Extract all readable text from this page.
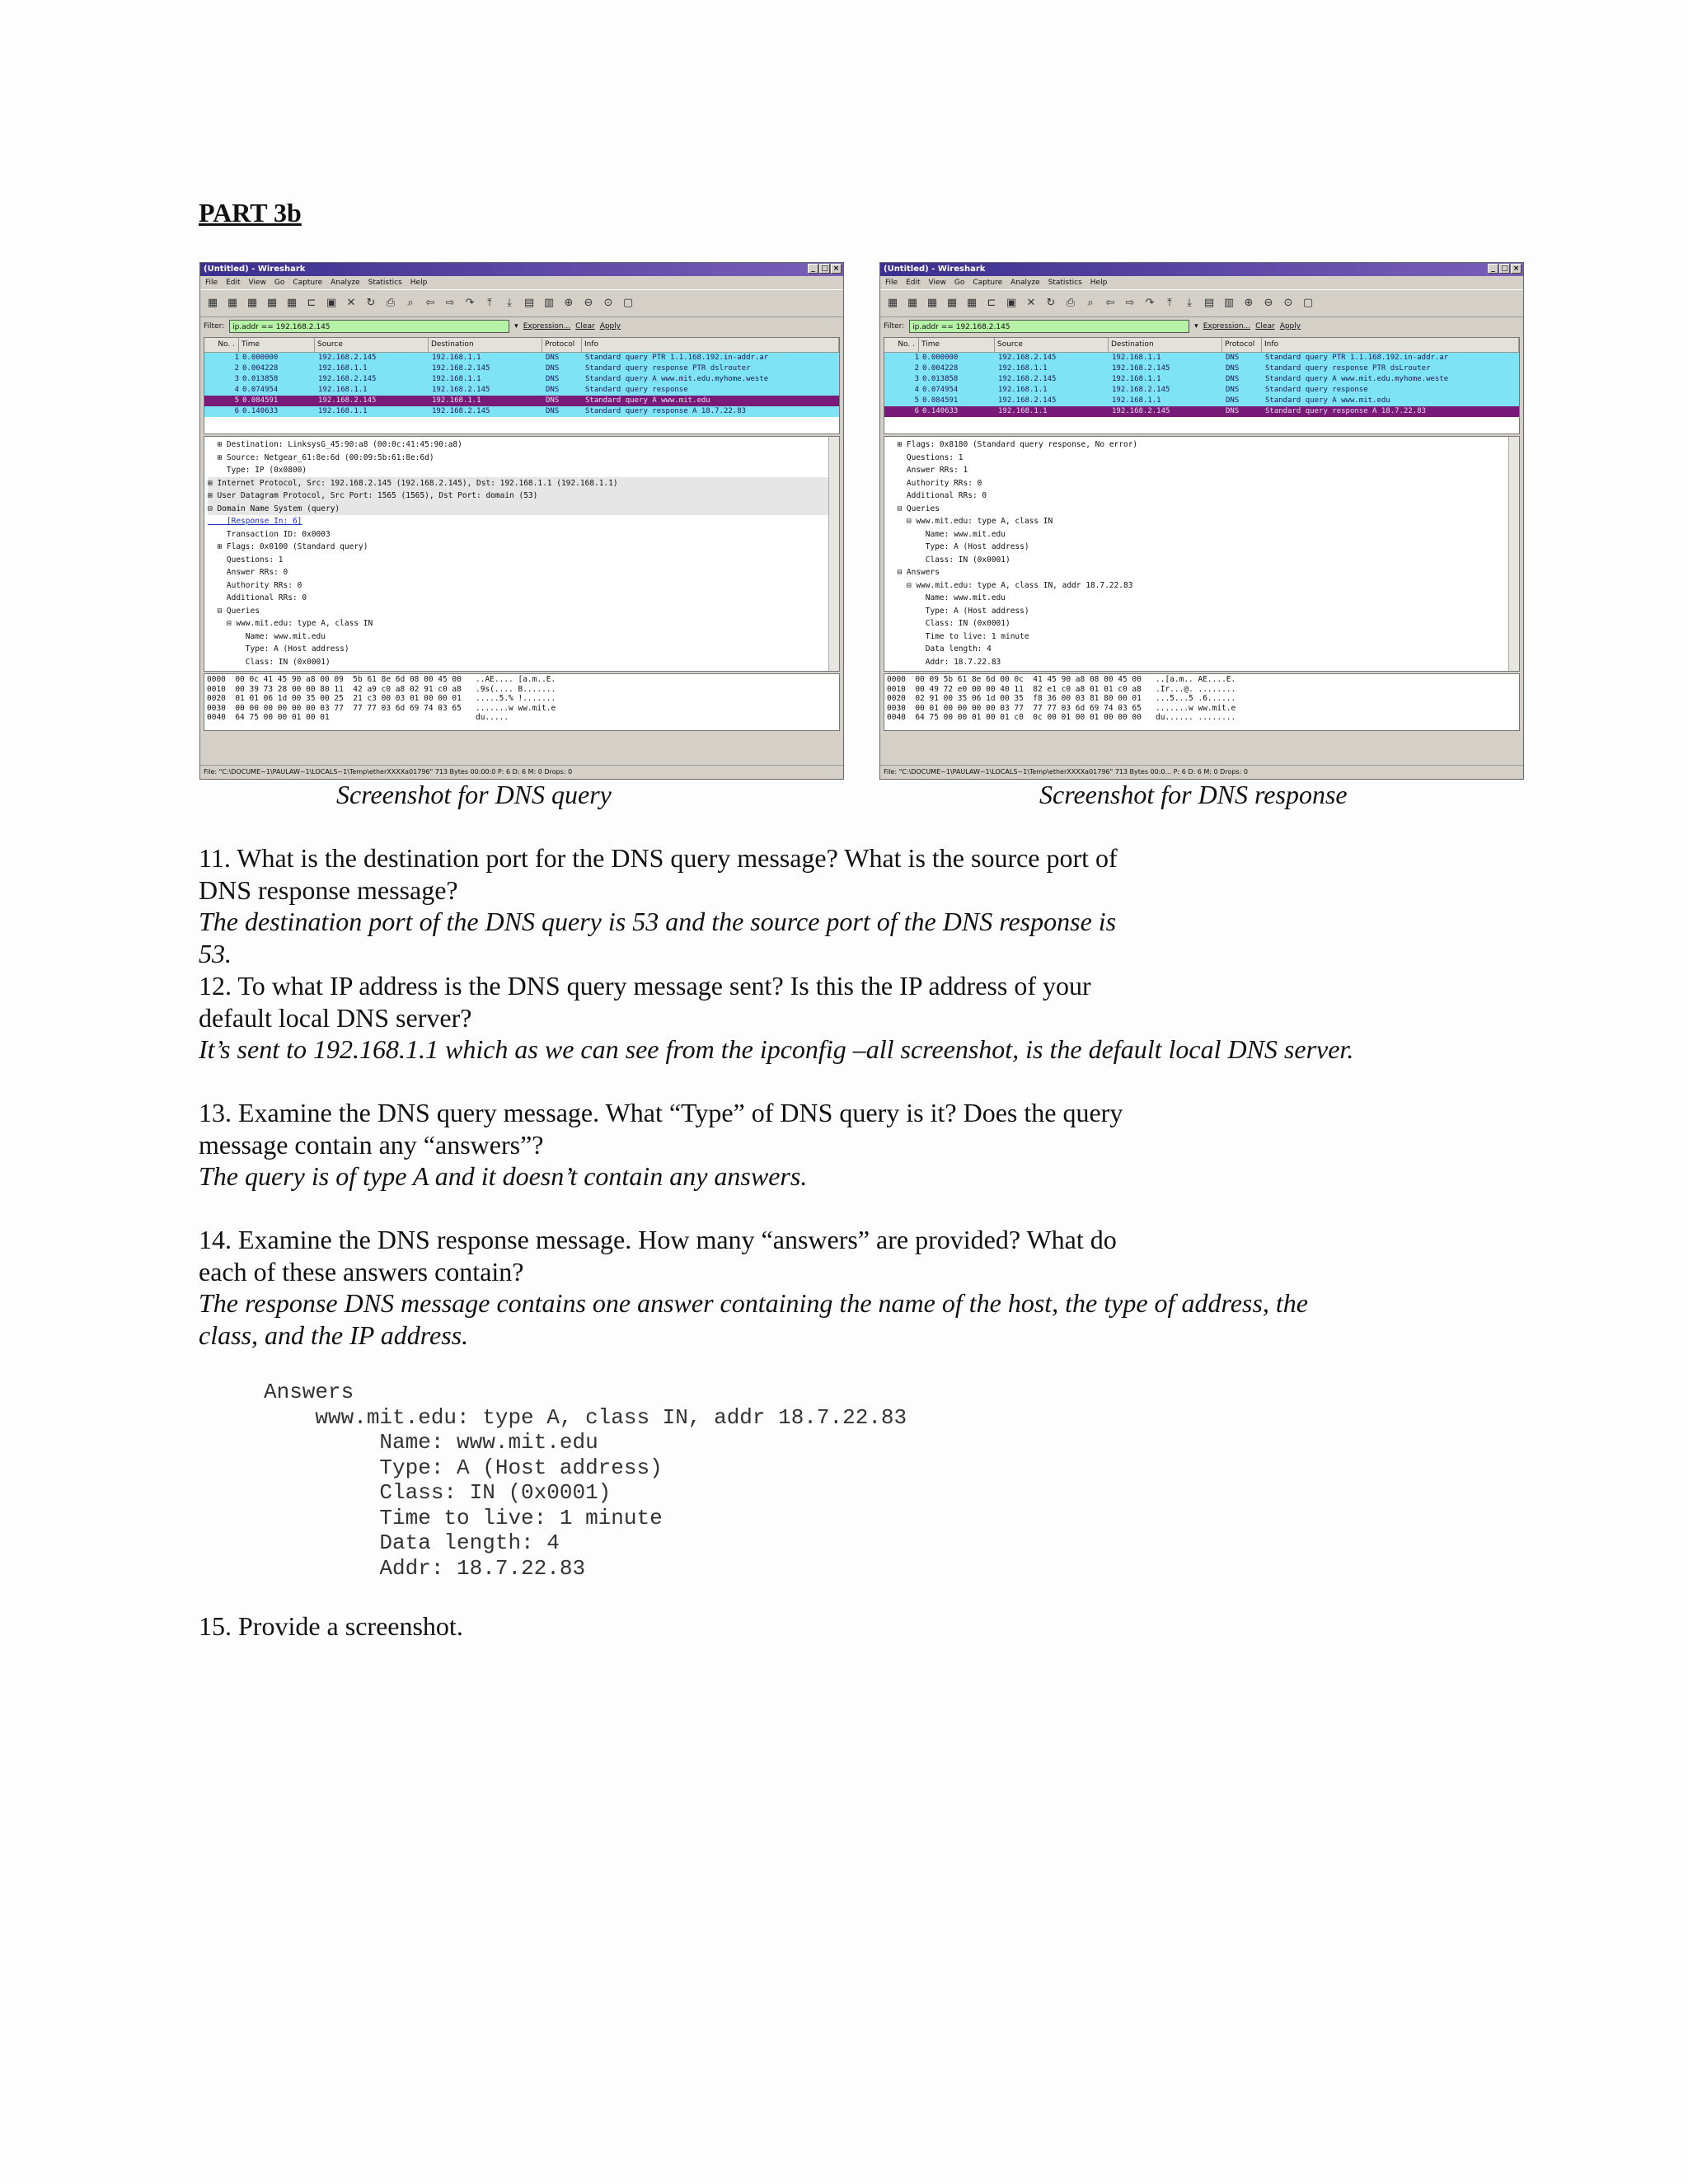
PART 3b
(Untitled) - Wireshark	_ □ ×
File Edit View Go Capture Analyze Statistics Help
▦ ▦ ▦ ▦ ▦ ⊏ ▣ ✕ ↻ ⎙	⌕	⇦ ⇨ ↷	⤒	⤓	▤ ▥ ⊕ ⊖ ⊙ ▢
Filter:	ip.addr == 192.168.2.145	▾ Expression... Clear Apply
No. . Time	Source	Destination	Protocol	Info
1 0.000000	192.168.2.145	192.168.1.1	DNS	Standard query PTR 1.1.168.192.in-addr.ar
2 0.004228	192.168.1.1	192.168.2.145	DNS	Standard query response PTR dslrouter
3 0.013858	192.168.2.145	192.168.1.1	DNS	Standard query A www.mit.edu.myhome.weste
4 0.074954	192.168.1.1	192.168.2.145	DNS	Standard query response
5 0.084591	192.168.2.145	192.168.1.1	DNS	Standard query A www.mit.edu
6 0.140633	192.168.1.1	192.168.2.145	DNS	Standard query response A 18.7.22.83
⊞ Destination: LinksysG_45:90:a8 (00:0c:41:45:90:a8)
⊞ Source: Netgear_61:8e:6d (00:09:5b:61:8e:6d)
Type: IP (0x0800)
⊞ Internet Protocol, Src: 192.168.2.145 (192.168.2.145), Dst: 192.168.1.1 (192.168.1.1)
⊞ User Datagram Protocol, Src Port: 1565 (1565), Dst Port: domain (53)
⊟ Domain Name System (query)
[Response In: 6]
Transaction ID: 0x0003
⊞ Flags: 0x0100 (Standard query)
Questions: 1
Answer RRs: 0
Authority RRs: 0
Additional RRs: 0
⊟ Queries
⊟ www.mit.edu: type A, class IN
Name: www.mit.edu
Type: A (Host address)
Class: IN (0x0001)
0000  00 0c 41 45 90 a8 00 09  5b 61 8e 6d 08 00 45 00   ..AE.... [a.m..E.
0010  00 39 73 28 00 00 80 11  42 a9 c0 a8 02 91 c0 a8   .9s(.... B.......
0020  01 01 06 1d 00 35 00 25  21 c3 00 03 01 00 00 01   .....5.% !.......
0030  00 00 00 00 00 00 03 77  77 77 03 6d 69 74 03 65   .......w ww.mit.e
0040  64 75 00 00 01 00 01                               du.....
File: "C:\DOCUME~1\PAULAW~1\LOCALS~1\Temp\etherXXXXa01796" 713 Bytes 00:00:0 P: 6 D: 6 M: 0 Drops: 0
(Untitled) - Wireshark	_ □ ×
File Edit View Go Capture Analyze Statistics Help
▦ ▦ ▦ ▦ ▦ ⊏ ▣ ✕ ↻ ⎙	⌕	⇦ ⇨ ↷	⤒	⤓	▤ ▥ ⊕ ⊖ ⊙ ▢
Filter:	ip.addr == 192.168.2.145	▾ Expression... Clear Apply
No. . Time	Source	Destination	Protocol	Info
1 0.000000	192.168.2.145	192.168.1.1	DNS	Standard query PTR 1.1.168.192.in-addr.ar
2 0.004228	192.168.1.1	192.168.2.145	DNS	Standard query response PTR dsLrouter
3 0.013858	192.168.2.145	192.168.1.1	DNS	Standard query A www.mit.edu.myhome.weste
4 0.074954	192.168.1.1	192.168.2.145	DNS	Standard query response
5 0.084591	192.168.2.145	192.168.1.1	DNS	Standard query A www.mit.edu
6 0.140633	192.168.1.1	192.168.2.145	DNS	Standard query response A 18.7.22.83
⊞ Flags: 0x8180 (Standard query response, No error)
Questions: 1
Answer RRs: 1
Authority RRs: 0
Additional RRs: 0
⊟ Queries
⊟ www.mit.edu: type A, class IN
Name: www.mit.edu
Type: A (Host address)
Class: IN (0x0001)
⊟ Answers
⊟ www.mit.edu: type A, class IN, addr 18.7.22.83
Name: www.mit.edu
Type: A (Host address)
Class: IN (0x0001)
Time to live: 1 minute
Data length: 4
Addr: 18.7.22.83
0000  00 09 5b 61 8e 6d 00 0c  41 45 90 a8 08 00 45 00   ..[a.m.. AE....E.
0010  00 49 72 e0 00 00 40 11  82 e1 c0 a8 01 01 c0 a8   .Ir...@. ........
0020  02 91 00 35 06 1d 00 35  f8 36 00 03 81 80 00 01   ...5...5 .6......
0030  00 01 00 00 00 00 03 77  77 77 03 6d 69 74 03 65   .......w ww.mit.e
0040  64 75 00 00 01 00 01 c0  0c 00 01 00 01 00 00 00   du...... ........
File: "C:\DOCUME~1\PAULAW~1\LOCALS~1\Temp\etherXXXXa01796" 713 Bytes 00:0... P: 6 D: 6 M: 0 Drops: 0
Screenshot for DNS query	Screenshot for DNS response
11. What is the destination port for the DNS query message? What is the source port of DNS response message?
The destination port of the DNS query is 53 and the source port of the DNS response is 53.
12. To what IP address is the DNS query message sent? Is this the IP address of your default local DNS server?
It’s sent to 192.168.1.1 which as we can see from the ipconfig –all screenshot, is the default local DNS server.
13. Examine the DNS query message. What “Type” of DNS query is it? Does the query message contain any “answers”?
The query is of type A and it doesn’t contain any answers.
14. Examine the DNS response message. How many “answers” are provided? What do each of these answers contain?
The response DNS message contains one answer containing the name of the host, the type of address, the class, and the IP address.
Answers
www.mit.edu: type A, class IN, addr 18.7.22.83
Name: www.mit.edu
Type: A (Host address)
Class: IN (0x0001)
Time to live: 1 minute
Data length: 4
Addr: 18.7.22.83
15. Provide a screenshot.
